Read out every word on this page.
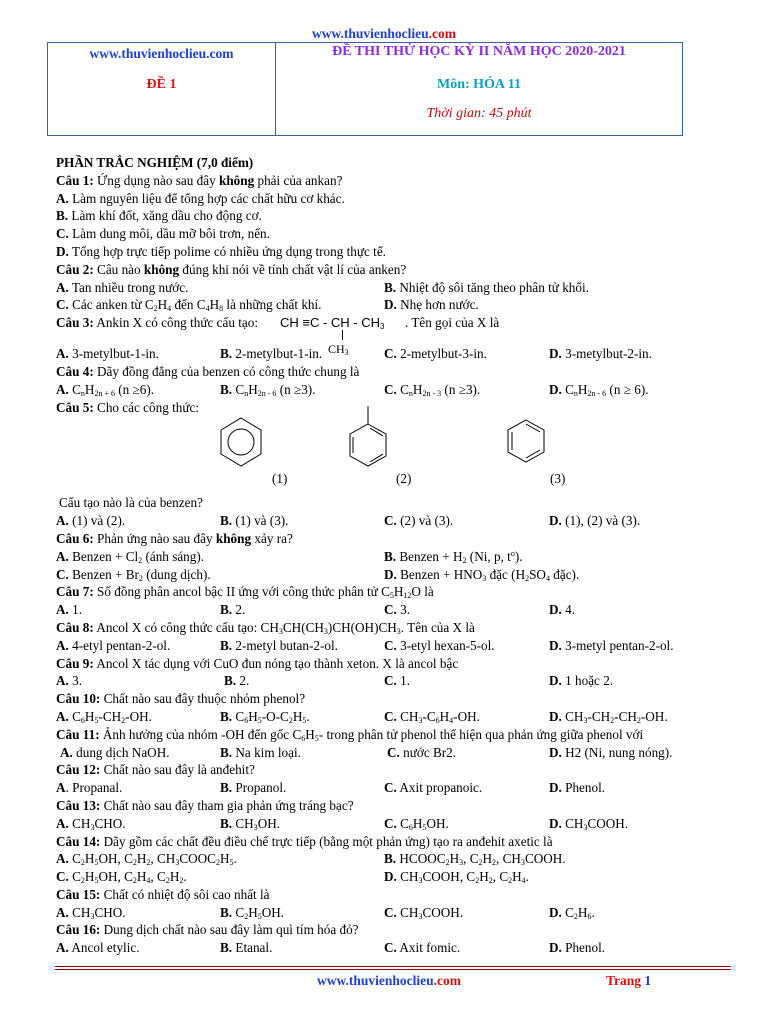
www.thuvienhoclieu.com
www.thuvienhoclieu.com
ĐỀ 1
ĐỀ THI THỬ HỌC KỲ II NĂM HỌC 2020-2021
Môn: HÓA 11
Thời gian: 45 phút
PHẦN TRẮC NGHIỆM (7,0 điểm)
Câu 1: Ứng dụng nào sau đây không phải của ankan?
A. Làm nguyên liệu để tổng hợp các chất hữu cơ khác.
B. Làm khí đốt, xăng dầu cho động cơ.
C. Làm dung môi, dầu mỡ bôi trơn, nến.
D. Tổng hợp trực tiếp polime có nhiều ứng dụng trong thực tế.
Câu 2: Câu nào không đúng khi nói về tính chất vật lí của anken?
A. Tan nhiều trong nước.	B. Nhiệt độ sôi tăng theo phân tử khối.
C. Các anken từ $C_2H_4$ đến $C_4H_8$ là những chất khí.	D. Nhẹ hơn nước.
Câu 3: Ankin X có công thức cấu tạo: CH ≡C - CH - $CH_3$
$CH_3$
. Tên gọi của X là
A. 3-metylbut-1-in.	B. 2-metylbut-1-in.	C. 2-metylbut-3-in.	D. 3-metylbut-2-in.
Câu 4: Dãy đồng đẳng của benzen có công thức chung là
A. $C_nH_{2n + 6}$ (n ≥6).	B. $C_nH_{2n - 6}$ (n ≥3).	C. $C_nH_{2n - 3}$ (n ≥3).	D. $C_nH_{2n - 6}$ (n ≥ 6).
Câu 5: Cho các công thức:
(1)	(2)	(3)
Cấu tạo nào là của benzen?
A. (1) và (2).	B. (1) và (3).	C. (2) và (3).	D. (1), (2) và (3).
Câu 6: Phản ứng nào sau đây không xảy ra?
A. Benzen + $Cl_2$ (ánh sáng).	B. Benzen + $H_2$ (Ni, p, $t^o$).
C. Benzen + $Br_2$ (dung dịch).	D. Benzen + $HNO_3$ đặc ($H_2SO_4$ đặc).
Câu 7: Số đồng phân ancol bậc II ứng với công thức phân tử $C_5H_{12}O$ là
A. 1.	B. 2.	C. 3.	D. 4.
Câu 8: Ancol X có công thức cấu tạo: $CH_3CH(CH_3)CH(OH)CH_3$. Tên của X là
A. 4-etyl pentan-2-ol.	B. 2-metyl butan-2-ol.	C. 3-etyl hexan-5-ol.	D. 3-metyl pentan-2-ol.
Câu 9: Ancol X tác dụng với CuO đun nóng tạo thành xeton. X là ancol bậc
A. 3.	B. 2.	C. 1.	D. 1 hoặc 2.
Câu 10: Chất nào sau đây thuộc nhóm phenol?
A. $C_6H_5-CH_2-OH$.	B. $C_6H_5-O-C_2H_5$.	C. $CH_3-C_6H_4-OH$.	D. $CH_3-CH_2-CH_2-OH$.
Câu 11: Ảnh hưởng của nhóm -OH đến gốc $C_6H_5-$ trong phân tử phenol thể hiện qua phản ứng giữa phenol với
A. dung dịch NaOH.	B. Na kim loại.	C. nước Br2.	D. H2 (Ni, nung nóng).
Câu 12: Chất nào sau đây là anđehit?
A. Propanal.	B. Propanol.	C. Axit propanoic.	D. Phenol.
Câu 13: Chất nào sau đây tham gia phản ứng tráng bạc?
A. $CH_3CHO$.	B. $CH_3OH$.	C. $C_6H_5OH$.	D. $CH_3COOH$.
Câu 14: Dãy gồm các chất đều điều chế trực tiếp (bằng một phản ứng) tạo ra anđehit axetic là
A. $C_2H_5OH$, $C_2H_2$, $CH_3COOC_2H_5$.	B. $HCOOC_2H_3$, $C_2H_2$, $CH_3COOH$.
C. $C_2H_5OH$, $C_2H_4$, $C_2H_2$.	D. $CH_3COOH$, $C_2H_2$, $C_2H_4$.
Câu 15: Chất có nhiệt độ sôi cao nhất là
A. $CH_3CHO$.	B. $C_2H_5OH$.	C. $CH_3COOH$.	D. $C_2H_6$.
Câu 16: Dung dịch chất nào sau đây làm quì tím hóa đỏ?
A. Ancol etylic.	B. Etanal.	C. Axit fomic.	D. Phenol.
www.thuvienhoclieu.com	Trang 1
